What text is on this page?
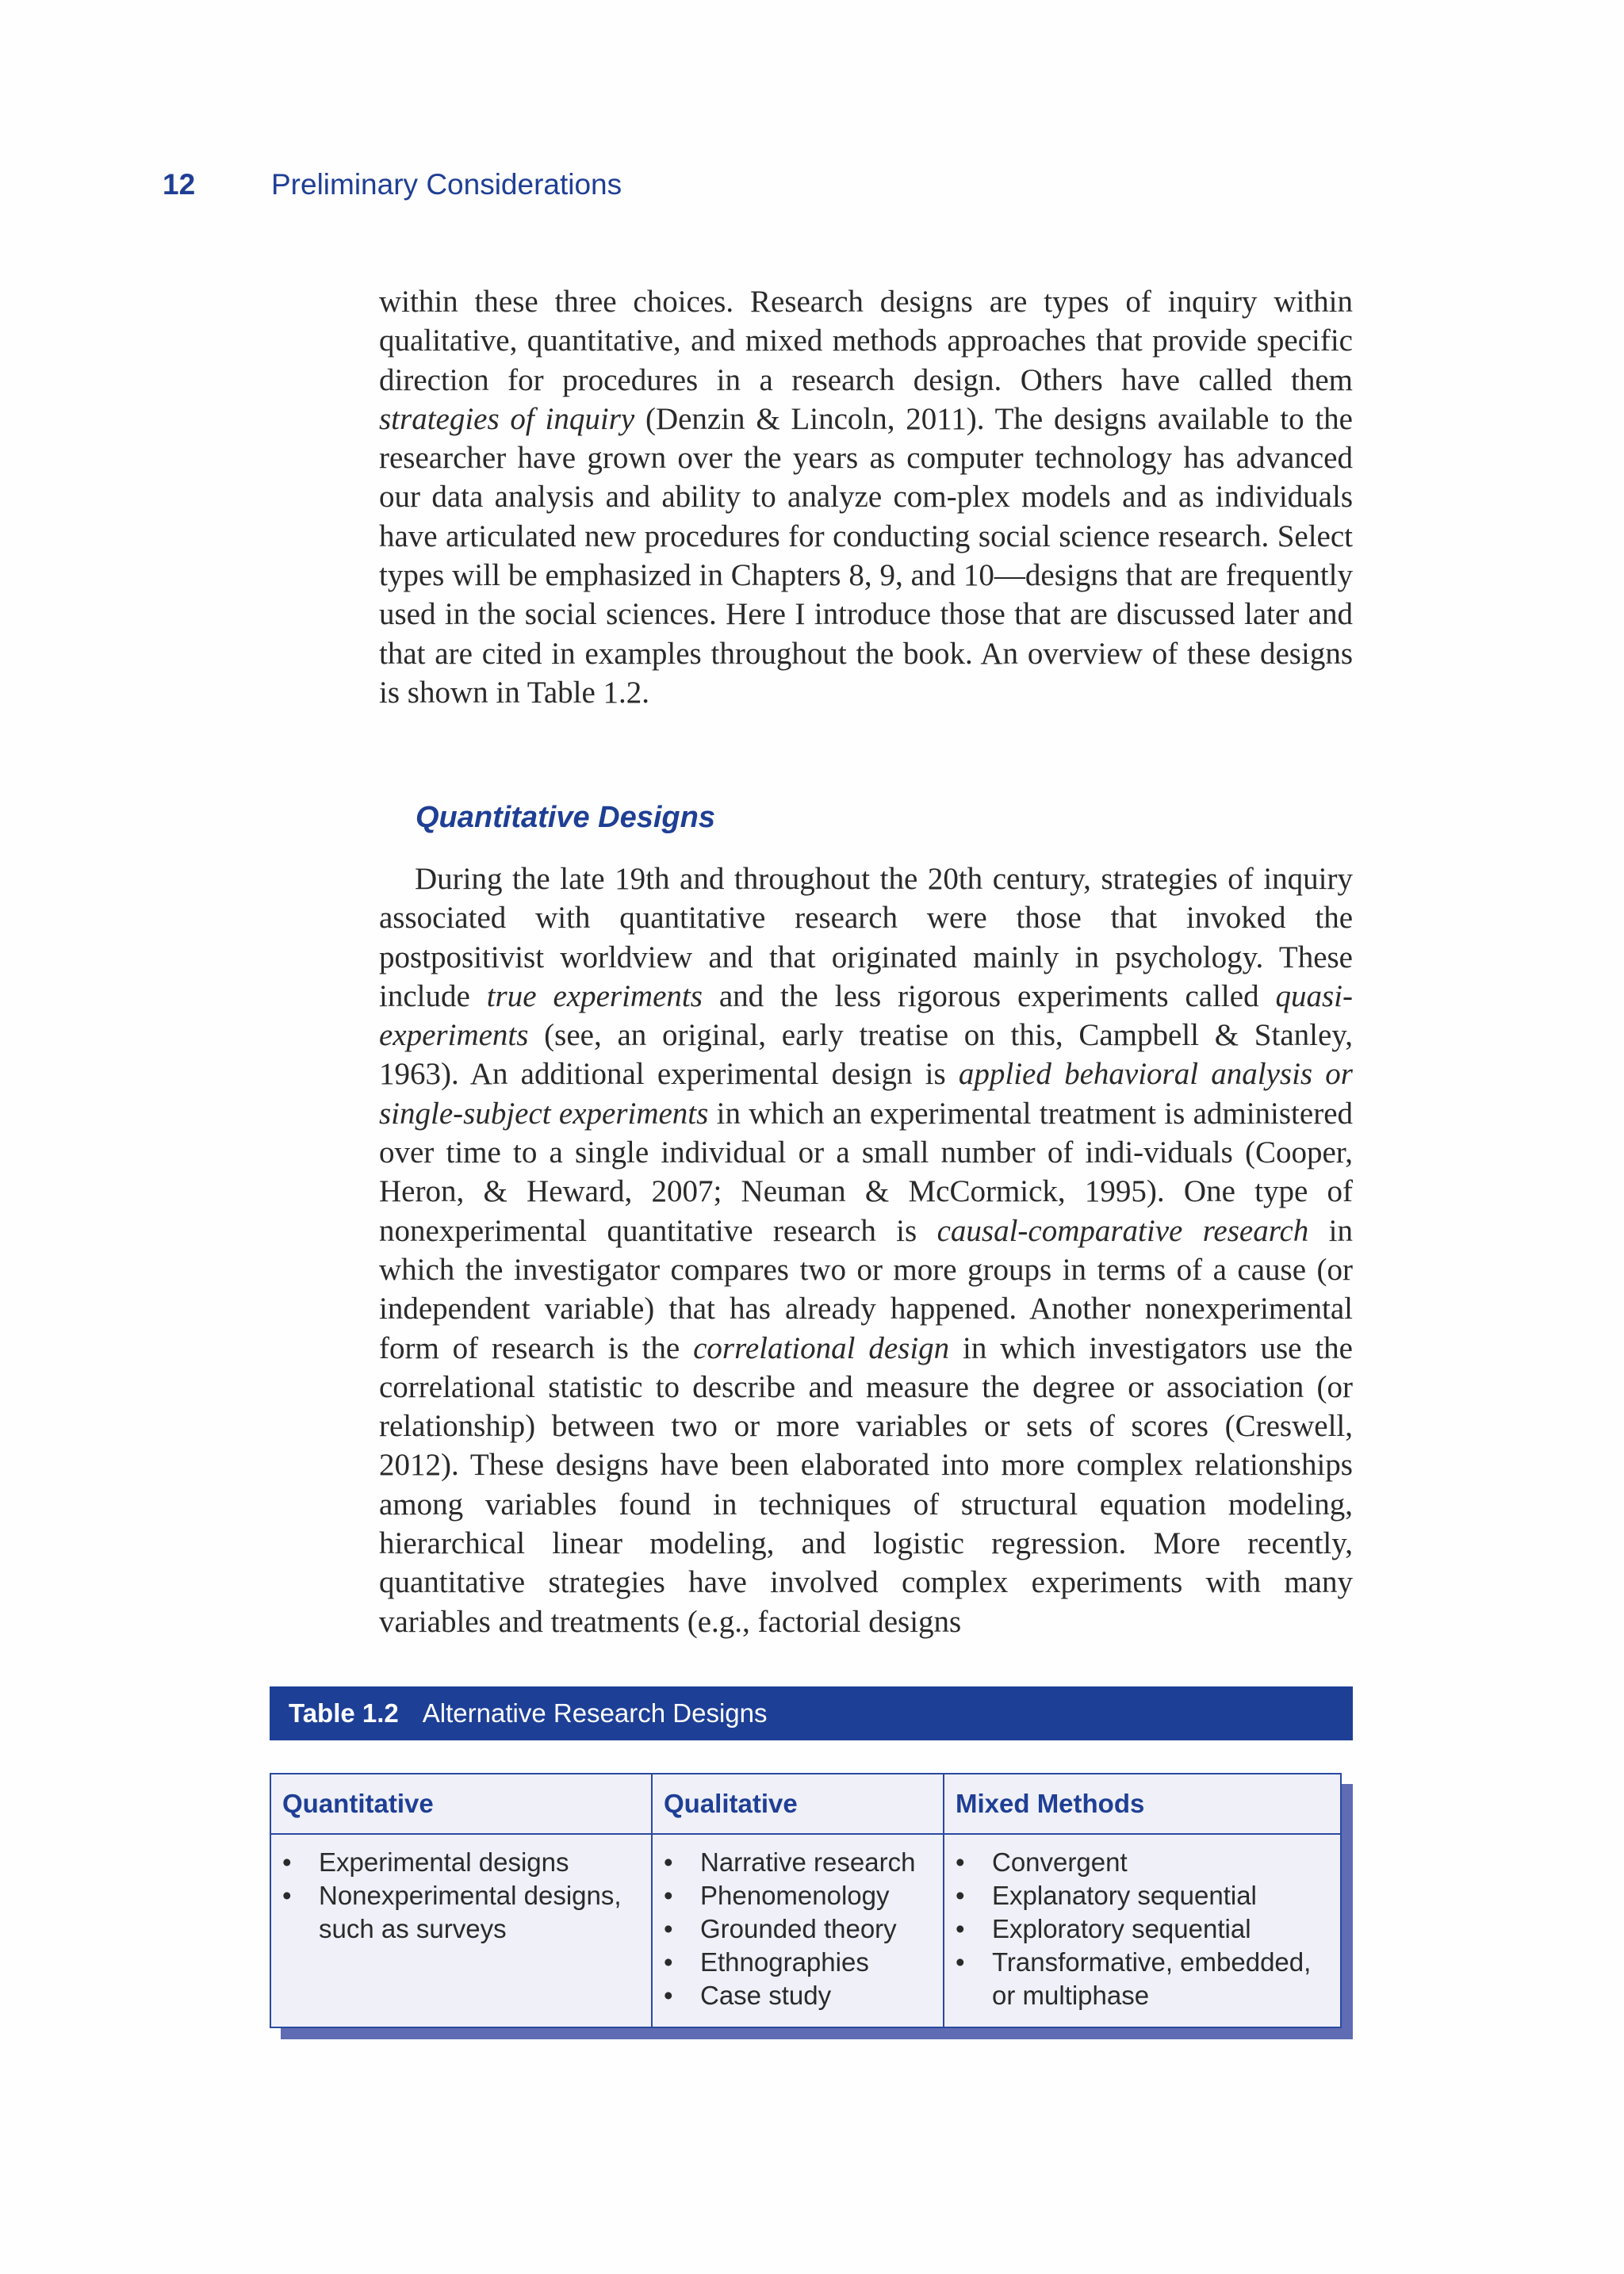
12	Preliminary Considerations

within these three choices. Research designs are types of inquiry within qualitative, quantitative, and mixed methods approaches that provide specific direction for procedures in a research design. Others have called them strategies of inquiry (Denzin & Lincoln, 2011). The designs available to the researcher have grown over the years as computer technology has advanced our data analysis and ability to analyze com-plex models and as individuals have articulated new procedures for conducting social science research. Select types will be emphasized in Chapters 8, 9, and 10—designs that are frequently used in the social sciences. Here I introduce those that are discussed later and that are cited in examples throughout the book. An overview of these designs is shown in Table 1.2.

Quantitative Designs

During the late 19th and throughout the 20th century, strategies of inquiry associated with quantitative research were those that invoked the postpositivist worldview and that originated mainly in psychology. These include true experiments and the less rigorous experiments called quasi-experiments (see, an original, early treatise on this, Campbell & Stanley, 1963). An additional experimental design is applied behavioral analysis or single-subject experiments in which an experimental treatment is administered over time to a single individual or a small number of indi-viduals (Cooper, Heron, & Heward, 2007; Neuman & McCormick, 1995). One type of nonexperimental quantitative research is causal-comparative research in which the investigator compares two or more groups in terms of a cause (or independent variable) that has already happened. Another nonexperimental form of research is the correlational design in which investigators use the correlational statistic to describe and measure the degree or association (or relationship) between two or more variables or sets of scores (Creswell, 2012). These designs have been elaborated into more complex relationships among variables found in techniques of structural equation modeling, hierarchical linear modeling, and logistic regression. More recently, quantitative strategies have involved complex experiments with many variables and treatments (e.g., factorial designs

Table 1.2 Alternative Research Designs
Quantitative
• Experimental designs
• Nonexperimental designs, such as surveys
Qualitative
• Narrative research
• Phenomenology
• Grounded theory
• Ethnographies
• Case study
Mixed Methods
• Convergent
• Explanatory sequential
• Exploratory sequential
• Transformative, embedded, or multiphase
